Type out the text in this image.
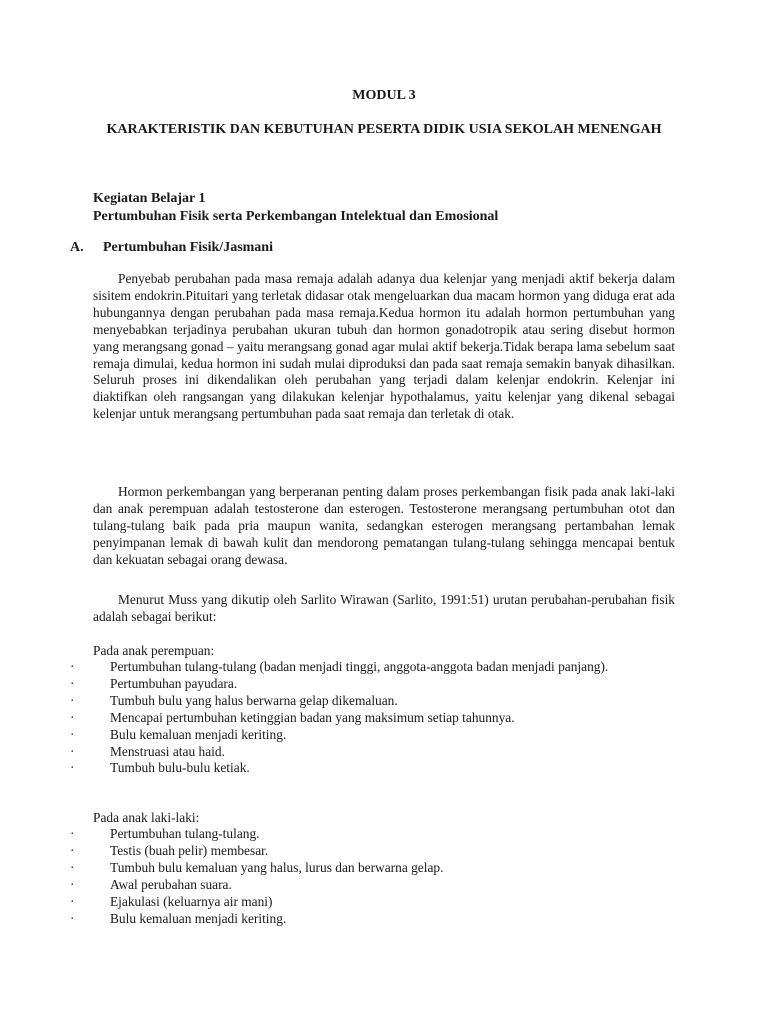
MODUL 3
KARAKTERISTIK DAN KEBUTUHAN PESERTA DIDIK USIA SEKOLAH MENENGAH
Kegiatan Belajar 1
Pertumbuhan Fisik serta Perkembangan Intelektual dan Emosional
A. Pertumbuhan Fisik/Jasmani

Penyebab perubahan pada masa remaja adalah adanya dua kelenjar yang menjadi aktif bekerja dalam sisitem endokrin.Pituitari yang terletak didasar otak mengeluarkan dua macam hormon yang diduga erat ada hubungannya dengan perubahan pada masa remaja.Kedua hormon itu adalah hormon pertumbuhan yang menyebabkan terjadinya perubahan ukuran tubuh dan hormon gonadotropik atau sering disebut hormon yang merangsang gonad – yaitu merangsang gonad agar mulai aktif bekerja.Tidak berapa lama sebelum saat remaja dimulai, kedua hormon ini sudah mulai diproduksi dan pada saat remaja semakin banyak dihasilkan. Seluruh proses ini dikendalikan oleh perubahan yang terjadi dalam kelenjar endokrin. Kelenjar ini diaktifkan oleh rangsangan yang dilakukan kelenjar hypothalamus, yaitu kelenjar yang dikenal sebagai kelenjar untuk merangsang pertumbuhan pada saat remaja dan terletak di otak.

Hormon perkembangan yang berperanan penting dalam proses perkembangan fisik pada anak laki-laki dan anak perempuan adalah testosterone dan esterogen. Testosterone merangsang pertumbuhan otot dan tulang-tulang baik pada pria maupun wanita, sedangkan esterogen merangsang pertambahan lemak penyimpanan lemak di bawah kulit dan mendorong pematangan tulang-tulang sehingga mencapai bentuk dan kekuatan sebagai orang dewasa.

Menurut Muss yang dikutip oleh Sarlito Wirawan (Sarlito, 1991:51) urutan perubahan-perubahan fisik adalah sebagai berikut:

Pada anak perempuan:

·	Pertumbuhan tulang-tulang (badan menjadi tinggi, anggota-anggota badan menjadi panjang).
·	Pertumbuhan payudara.
·	Tumbuh bulu yang halus berwarna gelap dikemaluan.
·	Mencapai pertumbuhan ketinggian badan yang maksimum setiap tahunnya.
·	Bulu kemaluan menjadi keriting.
·	Menstruasi atau haid.
·	Tumbuh bulu-bulu ketiak.

Pada anak laki-laki:

·	Pertumbuhan tulang-tulang.
·	Testis (buah pelir) membesar.
·	Tumbuh bulu kemaluan yang halus, lurus dan berwarna gelap.
·	Awal perubahan suara.
·	Ejakulasi (keluarnya air mani)
·	Bulu kemaluan menjadi keriting.
